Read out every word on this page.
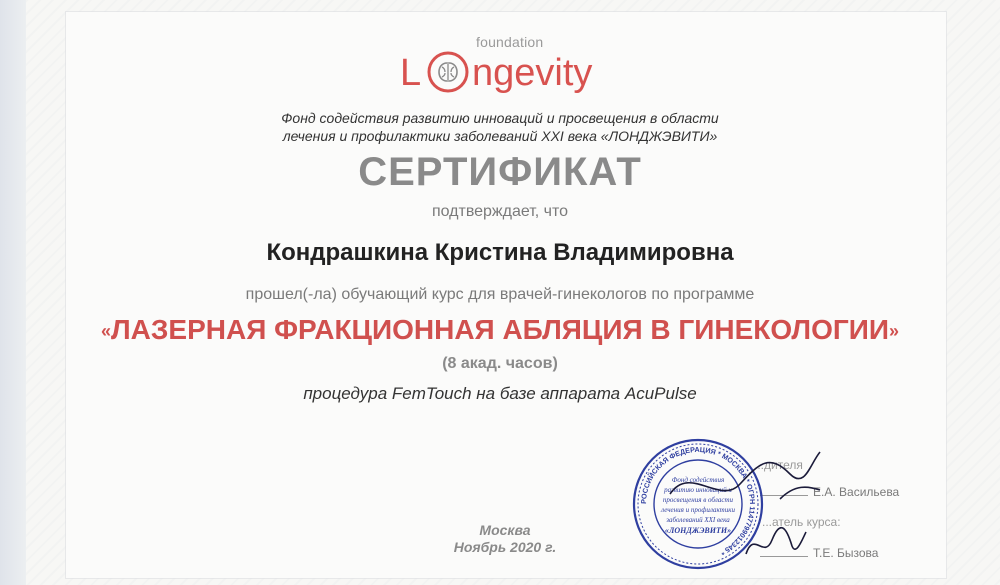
foundation
L ngevity
Фонд содействия развитию инноваций и просвещения в области
лечения и профилактики заболеваний XXI века «ЛОНДЖЭВИТИ»
СЕРТИФИКАТ
подтверждает, что
Кондрашкина Кристина Владимировна
прошел(-ла) обучающий курс для врачей-гинекологов по программе
«ЛАЗЕРНАЯ ФРАКЦИОННАЯ АБЛЯЦИЯ В ГИНЕКОЛОГИИ»
(8 акад. часов)
процедура FemTouch на базе аппарата AcuPulse
Москва
Ноябрь 2020 г.
...дителя
Е.А. Васильева
...атель курса:
Т.Е. Бызова
РОССИЙСКАЯ ФЕДЕРАЦИЯ * МОСКВА * ОГРН 1147799012345 *
Фонд содействия
развитию инноваций и
просвещения в области
лечения и профилактики
заболеваний XXI века
«ЛОНДЖЭВИТИ»
